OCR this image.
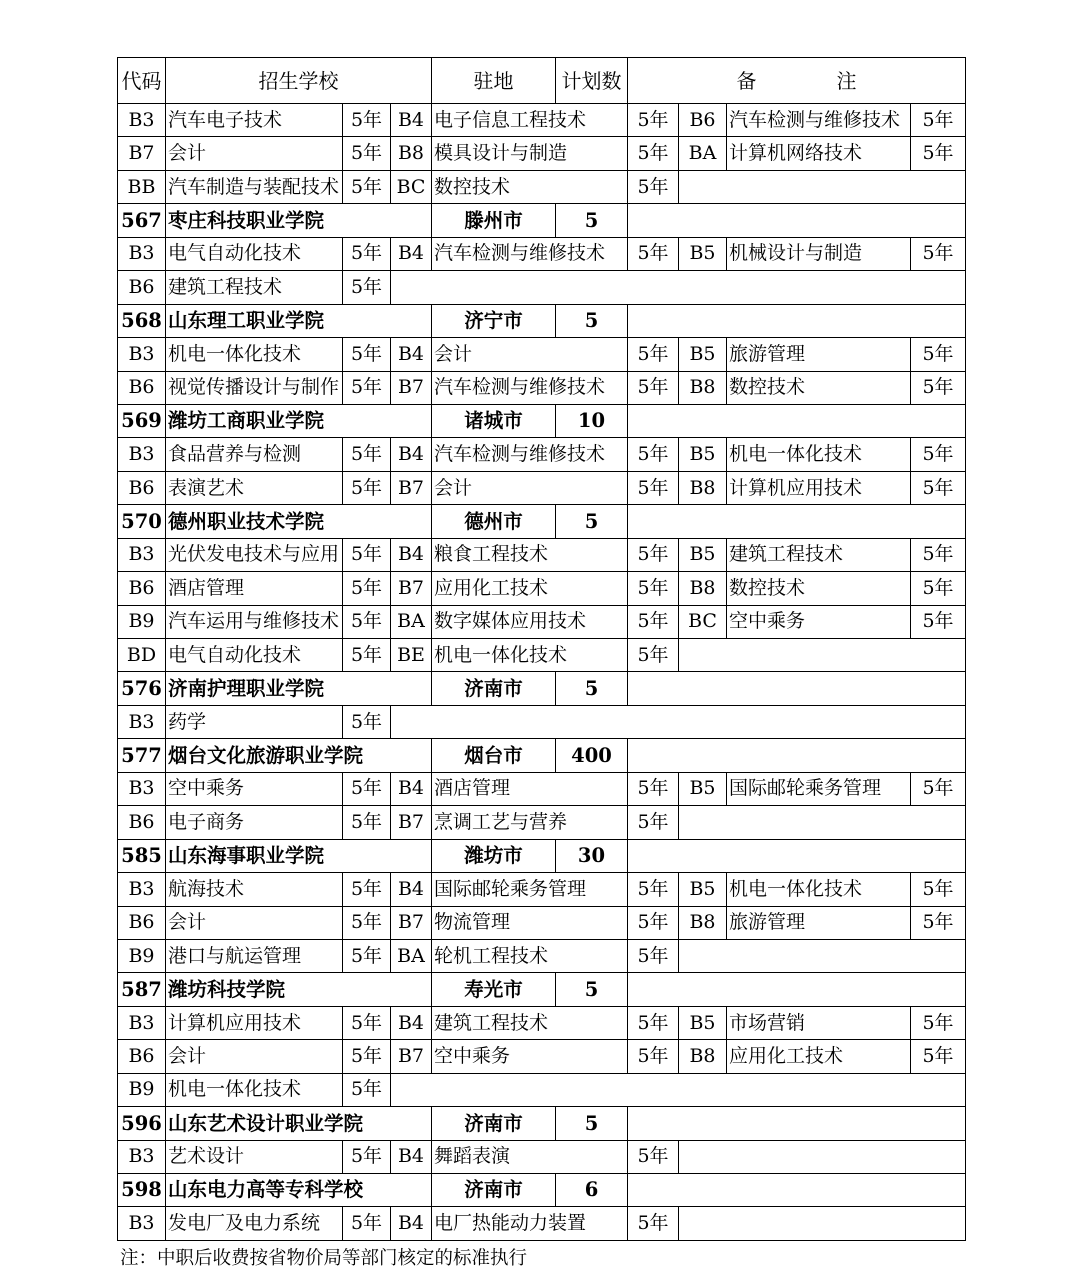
代码	招生学校			驻地	计划数	备　　　　注			
B3	汽车电子技术	5年	B4	电子信息工程技术		5年	B6	汽车检测与维修技术	5年
B7	会计	5年	B8	模具设计与制造		5年	BA	计算机网络技术	5年
BB	汽车制造与装配技术	5年	BC	数控技术		5年			
567	枣庄科技职业学院			滕州市	5				
B3	电气自动化技术	5年	B4	汽车检测与维修技术		5年	B5	机械设计与制造	5年
B6	建筑工程技术	5年							
568	山东理工职业学院			济宁市	5				
B3	机电一体化技术	5年	B4	会计		5年	B5	旅游管理	5年
B6	视觉传播设计与制作	5年	B7	汽车检测与维修技术		5年	B8	数控技术	5年
569	潍坊工商职业学院			诸城市	10				
B3	食品营养与检测	5年	B4	汽车检测与维修技术		5年	B5	机电一体化技术	5年
B6	表演艺术	5年	B7	会计		5年	B8	计算机应用技术	5年
570	德州职业技术学院			德州市	5				
B3	光伏发电技术与应用	5年	B4	粮食工程技术		5年	B5	建筑工程技术	5年
B6	酒店管理	5年	B7	应用化工技术		5年	B8	数控技术	5年
B9	汽车运用与维修技术	5年	BA	数字媒体应用技术		5年	BC	空中乘务	5年
BD	电气自动化技术	5年	BE	机电一体化技术		5年			
576	济南护理职业学院			济南市	5				
B3	药学	5年							
577	烟台文化旅游职业学院			烟台市	400				
B3	空中乘务	5年	B4	酒店管理		5年	B5	国际邮轮乘务管理	5年
B6	电子商务	5年	B7	烹调工艺与营养		5年			
585	山东海事职业学院			潍坊市	30				
B3	航海技术	5年	B4	国际邮轮乘务管理		5年	B5	机电一体化技术	5年
B6	会计	5年	B7	物流管理		5年	B8	旅游管理	5年
B9	港口与航运管理	5年	BA	轮机工程技术		5年			
587	潍坊科技学院			寿光市	5				
B3	计算机应用技术	5年	B4	建筑工程技术		5年	B5	市场营销	5年
B6	会计	5年	B7	空中乘务		5年	B8	应用化工技术	5年
B9	机电一体化技术	5年							
596	山东艺术设计职业学院			济南市	5				
B3	艺术设计	5年	B4	舞蹈表演		5年			
598	山东电力高等专科学校			济南市	6				
B3	发电厂及电力系统	5年	B4	电厂热能动力装置		5年			
注：中职后收费按省物价局等部门核定的标准执行
